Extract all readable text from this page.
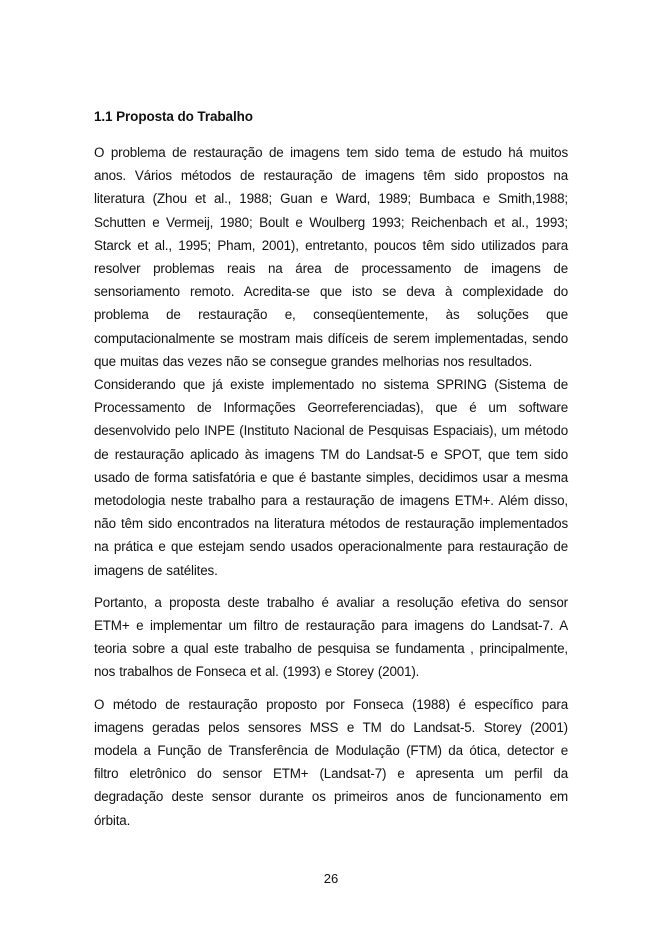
1.1 Proposta do Trabalho

O problema de restauração de imagens tem sido tema de estudo há muitos anos. Vários métodos de restauração de imagens têm sido propostos na literatura (Zhou et al., 1988; Guan e Ward, 1989; Bumbaca e Smith,1988; Schutten e Vermeij, 1980; Boult e Woulberg 1993; Reichenbach et al., 1993; Starck et al., 1995; Pham, 2001), entretanto, poucos têm sido utilizados para resolver problemas reais na área de processamento de imagens de sensoriamento remoto. Acredita-se que isto se deva à complexidade do problema de restauração e, conseqüentemente, às soluções que computacionalmente se mostram mais difíceis de serem implementadas, sendo que muitas das vezes não se consegue grandes melhorias nos resultados.

Considerando que já existe implementado no sistema SPRING (Sistema de Processamento de Informações Georreferenciadas), que é um software desenvolvido pelo INPE (Instituto Nacional de Pesquisas Espaciais), um método de restauração aplicado às imagens TM do Landsat-5 e SPOT, que tem sido usado de forma satisfatória e que é bastante simples, decidimos usar a mesma metodologia neste trabalho para a restauração de imagens ETM+. Além disso, não têm sido encontrados na literatura métodos de restauração implementados na prática e que estejam sendo usados operacionalmente para restauração de imagens de satélites.

Portanto, a proposta deste trabalho é avaliar a resolução efetiva do sensor ETM+ e implementar um filtro de restauração para imagens do Landsat-7. A teoria sobre a qual este trabalho de pesquisa se fundamenta , principalmente, nos trabalhos de Fonseca et al. (1993) e Storey (2001).

O método de restauração proposto por Fonseca (1988) é específico para imagens geradas pelos sensores MSS e TM do Landsat-5. Storey (2001) modela a Função de Transferência de Modulação (FTM) da ótica, detector e filtro eletrônico do sensor ETM+ (Landsat-7) e apresenta um perfil da degradação deste sensor durante os primeiros anos de funcionamento em órbita.

26
